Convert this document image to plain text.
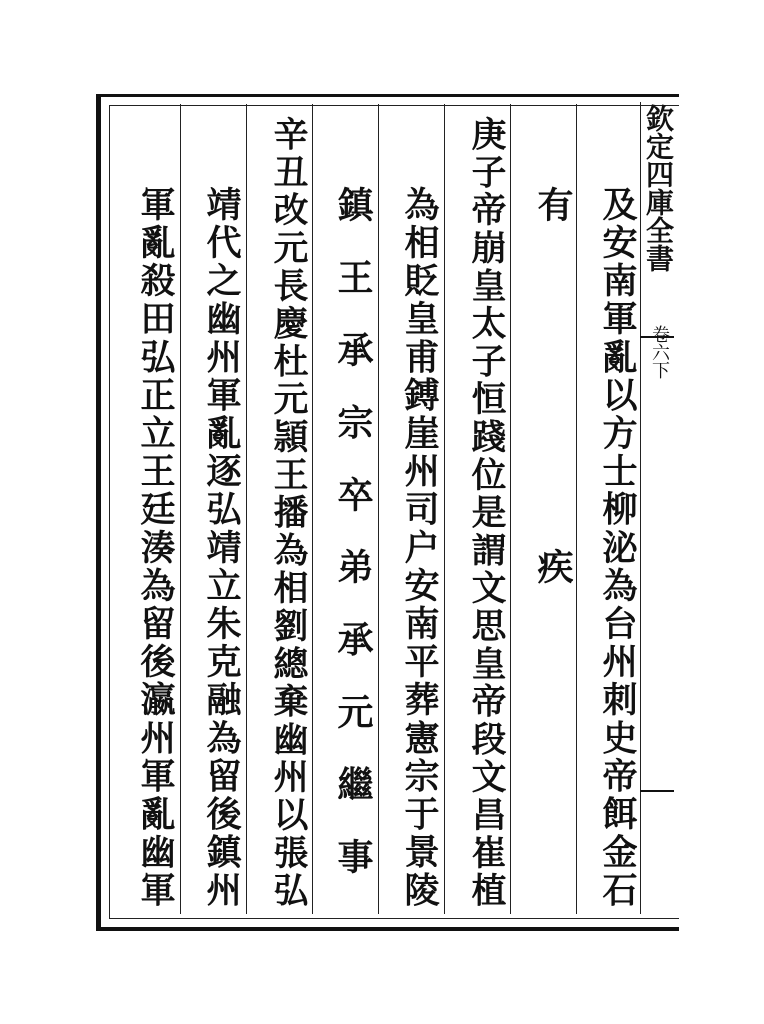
欽定四庫全書
卷六下
及安南軍亂以方士柳泌為台州刺史帝餌金石
有疾
庚子帝崩皇太子恒踐位是謂文思皇帝段文昌崔植
為相貶皇甫鎛崖州司户安南平葬憲宗于景陵
鎮王承宗卒弟承元繼事
辛丑改元長慶杜元頴王播為相劉總棄幽州以張弘
靖代之幽州軍亂逐弘靖立朱克融為留後鎮州
軍亂殺田弘正立王廷湊為留後瀛州軍亂幽軍
